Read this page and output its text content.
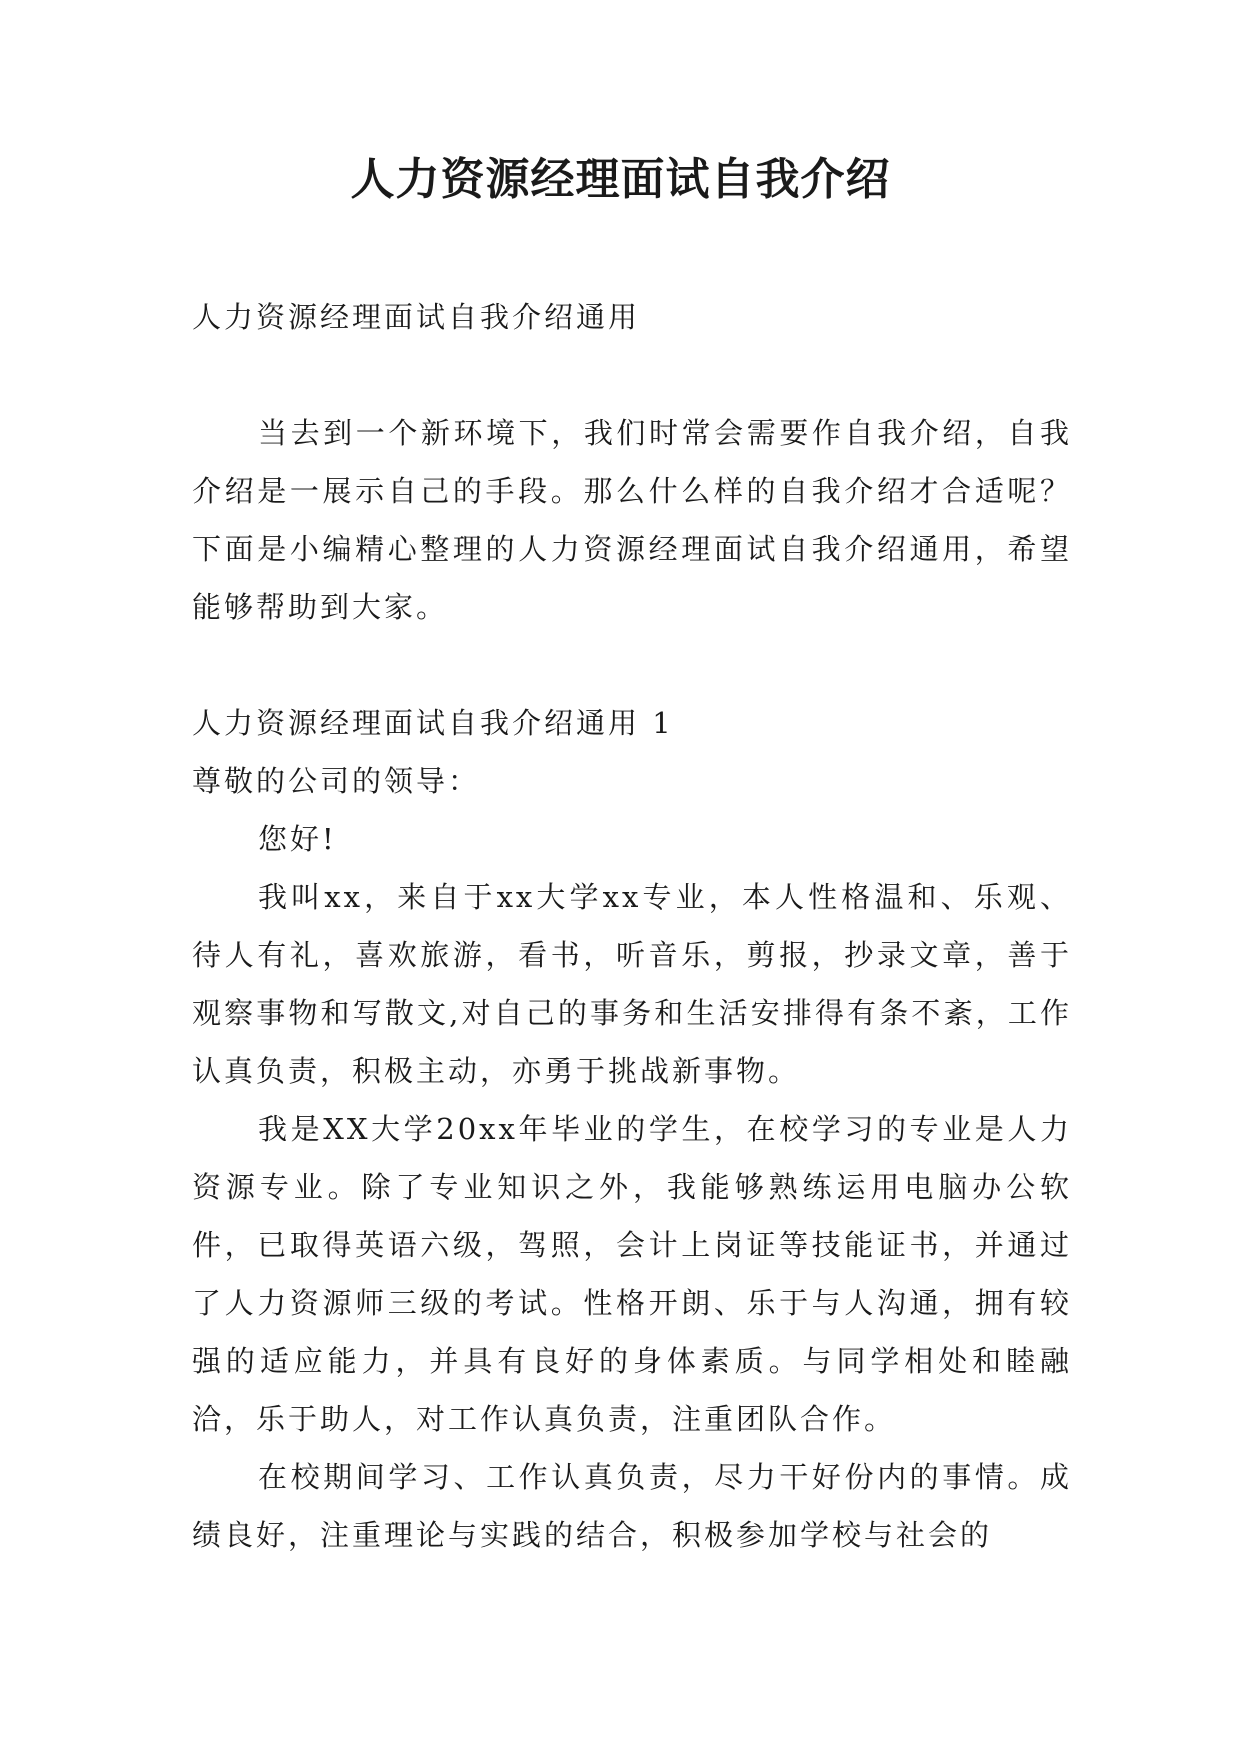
人力资源经理面试自我介绍

人力资源经理面试自我介绍通用

当去到一个新环境下，我们时常会需要作自我介绍，自我介绍是一展示自己的手段。那么什么样的自我介绍才合适呢？下面是小编精心整理的人力资源经理面试自我介绍通用，希望能够帮助到大家。

人力资源经理面试自我介绍通用 1

尊敬的公司的领导：

您好!

我叫xx，来自于xx大学xx专业，本人性格温和、乐观、待人有礼，喜欢旅游，看书，听音乐，剪报，抄录文章，善于观察事物和写散文,对自己的事务和生活安排得有条不紊，工作认真负责，积极主动，亦勇于挑战新事物。

我是XX大学20xx年毕业的学生，在校学习的专业是人力资源专业。除了专业知识之外，我能够熟练运用电脑办公软件，已取得英语六级，驾照，会计上岗证等技能证书，并通过了人力资源师三级的考试。性格开朗、乐于与人沟通，拥有较强的适应能力，并具有良好的身体素质。与同学相处和睦融洽，乐于助人，对工作认真负责，注重团队合作。

在校期间学习、工作认真负责，尽力干好份内的事情。成绩良好，注重理论与实践的结合，积极参加学校与社会的
